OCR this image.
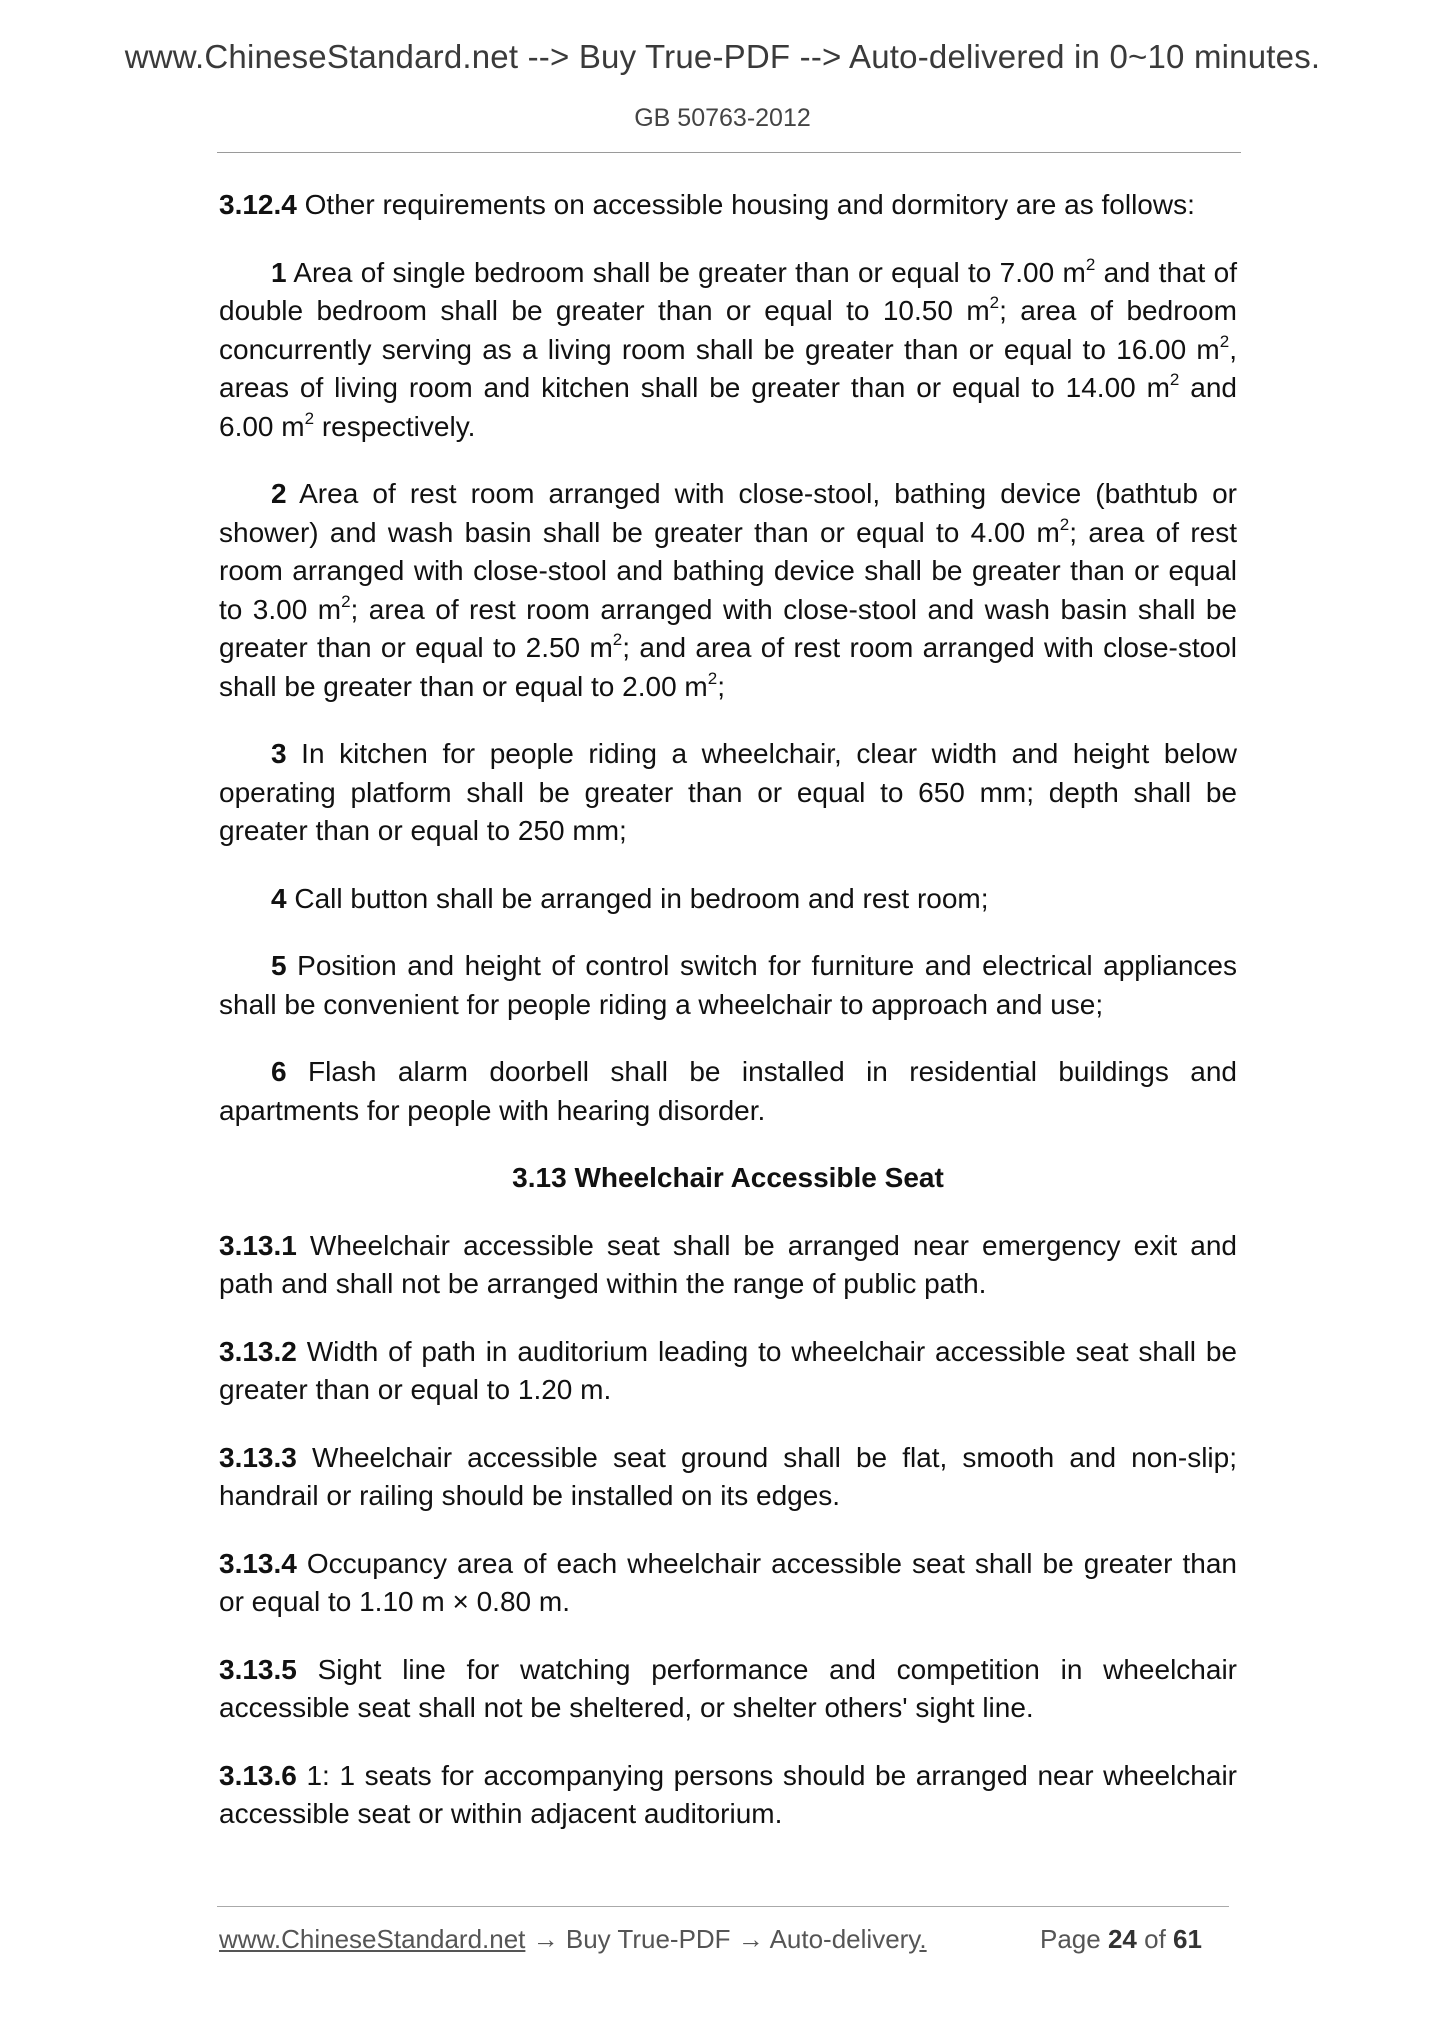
www.ChineseStandard.net --> Buy True-PDF --> Auto-delivered in 0~10 minutes.
GB 50763-2012

3.12.4 Other requirements on accessible housing and dormitory are as follows:

1 Area of single bedroom shall be greater than or equal to 7.00 $m^2$ and that of double bedroom shall be greater than or equal to 10.50 $m^2$; area of bedroom concurrently serving as a living room shall be greater than or equal to 16.00 $m^2$, areas of living room and kitchen shall be greater than or equal to 14.00 $m^2$ and 6.00 $m^2$ respectively.

2 Area of rest room arranged with close-stool, bathing device (bathtub or shower) and wash basin shall be greater than or equal to 4.00 $m^2$; area of rest room arranged with close-stool and bathing device shall be greater than or equal to 3.00 $m^2$; area of rest room arranged with close-stool and wash basin shall be greater than or equal to 2.50 $m^2$; and area of rest room arranged with close-stool shall be greater than or equal to 2.00 $m^2$;

3 In kitchen for people riding a wheelchair, clear width and height below operating platform shall be greater than or equal to 650 mm; depth shall be greater than or equal to 250 mm;

4 Call button shall be arranged in bedroom and rest room;

5 Position and height of control switch for furniture and electrical appliances shall be convenient for people riding a wheelchair to approach and use;

6 Flash alarm doorbell shall be installed in residential buildings and apartments for people with hearing disorder.

3.13 Wheelchair Accessible Seat

3.13.1 Wheelchair accessible seat shall be arranged near emergency exit and path and shall not be arranged within the range of public path.

3.13.2 Width of path in auditorium leading to wheelchair accessible seat shall be greater than or equal to 1.20 m.

3.13.3 Wheelchair accessible seat ground shall be flat, smooth and non-slip; handrail or railing should be installed on its edges.

3.13.4 Occupancy area of each wheelchair accessible seat shall be greater than or equal to 1.10 m × 0.80 m.

3.13.5 Sight line for watching performance and competition in wheelchair accessible seat shall not be sheltered, or shelter others' sight line.

3.13.6 1: 1 seats for accompanying persons should be arranged near wheelchair accessible seat or within adjacent auditorium.

www.ChineseStandard.net → Buy True-PDF → Auto-delivery.	Page 24 of 61
